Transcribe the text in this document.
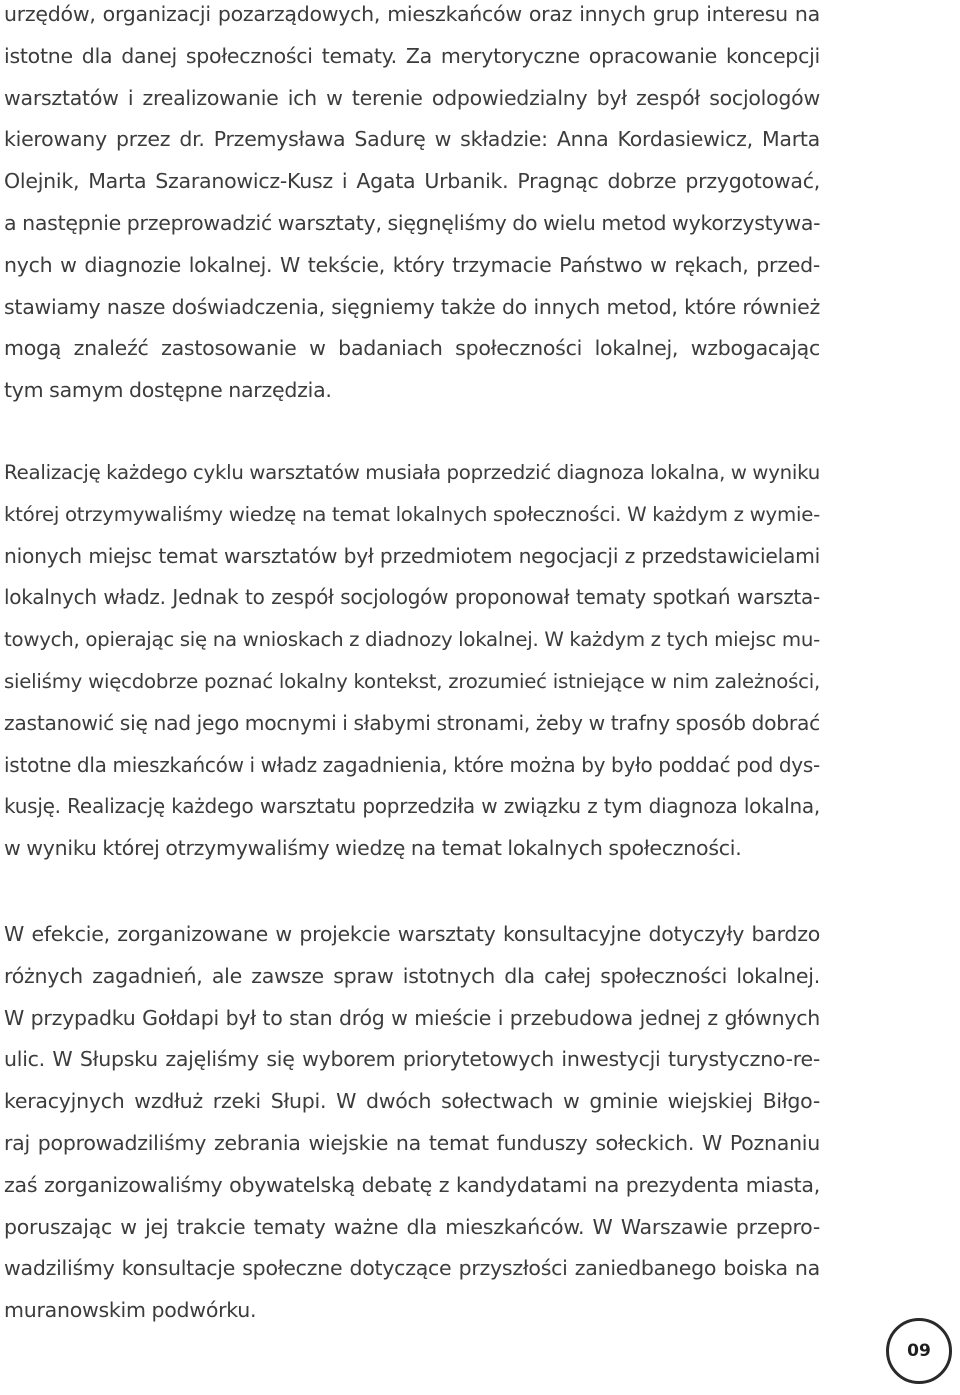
urzędów, organizacji pozarządowych, mieszkańców oraz innych grup interesu na
istotne dla danej społeczności tematy. Za merytoryczne opracowanie koncepcji
warsztatów i zrealizowanie ich w terenie odpowiedzialny był zespół socjologów
kierowany przez dr. Przemysława Sadurę w składzie: Anna Kordasiewicz, Marta
Olejnik, Marta Szaranowicz-Kusz i Agata Urbanik. Pragnąc dobrze przygotować,
a następnie przeprowadzić warsztaty, sięgnęliśmy do wielu metod wykorzystywa-
nych w diagnozie lokalnej. W tekście, który trzymacie Państwo w rękach, przed-
stawiamy nasze doświadczenia, sięgniemy także do innych metod, które również
mogą znaleźć zastosowanie w badaniach społeczności lokalnej, wzbogacając
tym samym dostępne narzędzia.
Realizację każdego cyklu warsztatów musiała poprzedzić diagnoza lokalna, w wyniku
której otrzymywaliśmy wiedzę na temat lokalnych społeczności. W każdym z wymie-
nionych miejsc temat warsztatów był przedmiotem negocjacji z przedstawicielami
lokalnych władz. Jednak to zespół socjologów proponował tematy spotkań warszta-
towych, opierając się na wnioskach z diadnozy lokalnej. W każdym z tych miejsc mu-
sieliśmy więcdobrze poznać lokalny kontekst, zrozumieć istniejące w nim zależności,
zastanowić się nad jego mocnymi i słabymi stronami, żeby w trafny sposób dobrać
istotne dla mieszkańców i władz zagadnienia, które można by było poddać pod dys-
kusję. Realizację każdego warsztatu poprzedziła w związku z tym diagnoza lokalna,
w wyniku której otrzymywaliśmy wiedzę na temat lokalnych społeczności.
W efekcie, zorganizowane w projekcie warsztaty konsultacyjne dotyczyły bardzo
różnych zagadnień, ale zawsze spraw istotnych dla całej społeczności lokalnej.
W przypadku Gołdapi był to stan dróg w mieście i przebudowa jednej z głównych
ulic. W Słupsku zajęliśmy się wyborem priorytetowych inwestycji turystyczno-re-
keracyjnych wzdłuż rzeki Słupi. W dwóch sołectwach w gminie wiejskiej Biłgo-
raj poprowadziliśmy zebrania wiejskie na temat funduszy sołeckich. W Poznaniu
zaś zorganizowaliśmy obywatelską debatę z kandydatami na prezydenta miasta,
poruszając w jej trakcie tematy ważne dla mieszkańców. W Warszawie przepro-
wadziliśmy konsultacje społeczne dotyczące przyszłości zaniedbanego boiska na
muranowskim podwórku.
09
